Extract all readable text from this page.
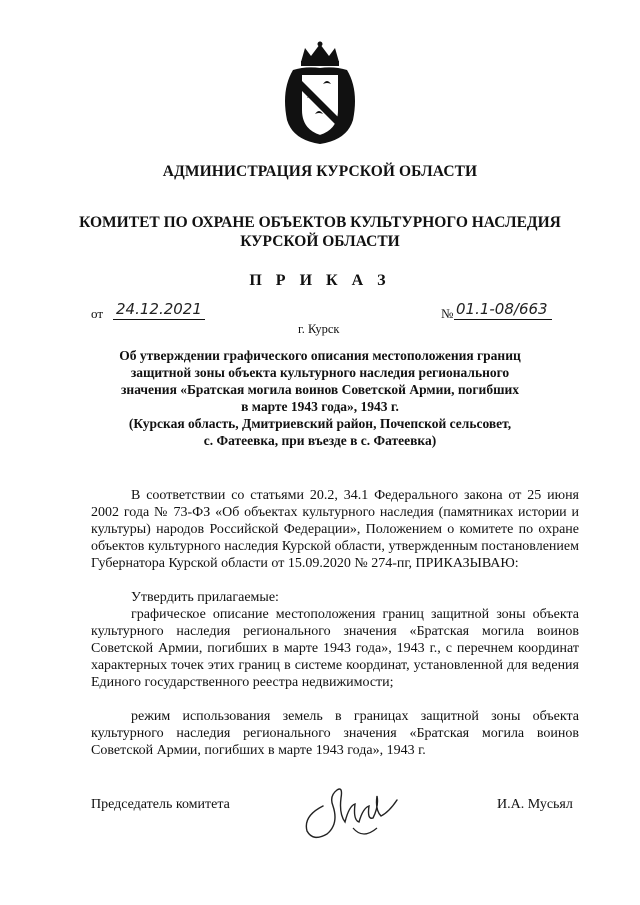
АДМИНИСТРАЦИЯ КУРСКОЙ ОБЛАСТИ
КОМИТЕТ ПО ОХРАНЕ ОБЪЕКТОВ КУЛЬТУРНОГО НАСЛЕДИЯ
КУРСКОЙ ОБЛАСТИ
П Р И К А З
от 24.12.2021	№ 01.1-08/663
г. Курск
Об утверждении графического описания местоположения границ
защитной зоны объекта культурного наследия регионального
значения «Братская могила воинов Советской Армии, погибших
в марте 1943 года», 1943 г.
(Курская область, Дмитриевский район, Почепской сельсовет,
с. Фатеевка, при въезде в с. Фатеевка)
В соответствии со статьями 20.2, 34.1 Федерального закона от 25 июня 2002 года № 73-ФЗ «Об объектах культурного наследия (памятниках истории и культуры) народов Российской Федерации», Положением о комитете по охране объектов культурного наследия Курской области, утвержденным постановлением Губернатора Курской области от 15.09.2020 № 274-пг, ПРИКАЗЫВАЮ:
Утвердить прилагаемые:
графическое описание местоположения границ защитной зоны объекта культурного наследия регионального значения «Братская могила воинов Советской Армии, погибших в марте 1943 года», 1943 г., с перечнем координат характерных точек этих границ в системе координат, установленной для ведения Единого государственного реестра недвижимости;
режим использования земель в границах защитной зоны объекта культурного наследия регионального значения «Братская могила воинов Советской Армии, погибших в марте 1943 года», 1943 г.
Председатель комитета	И.А. Мусьял
